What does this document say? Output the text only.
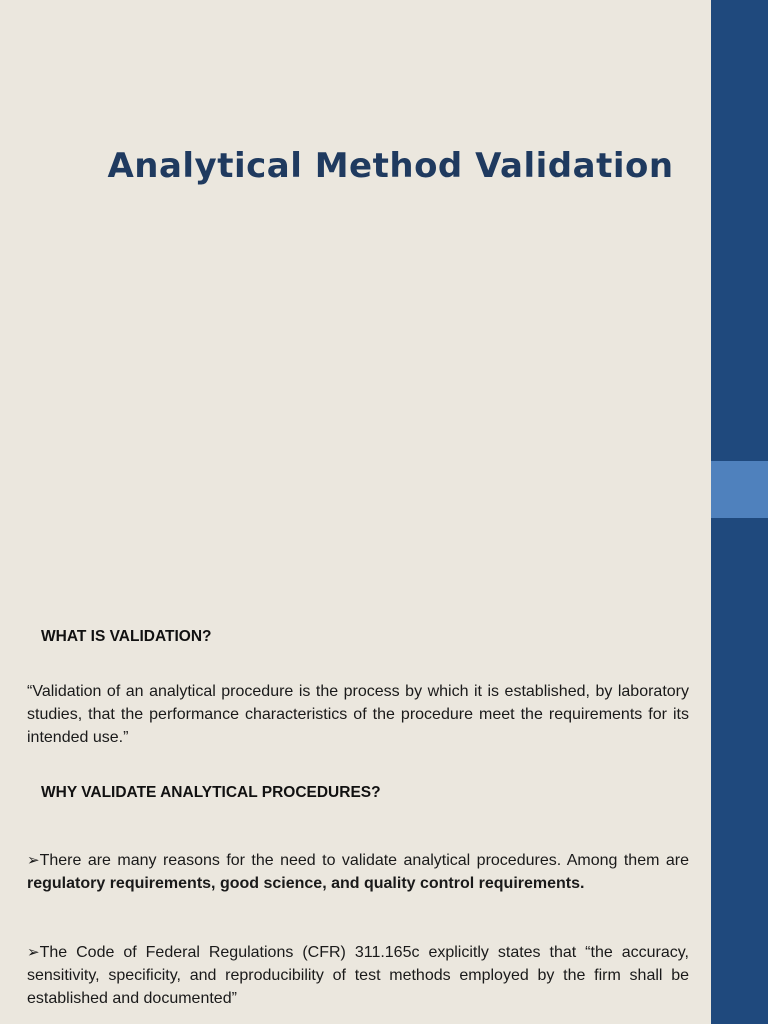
Analytical Method Validation
WHAT IS VALIDATION?
“Validation of an analytical procedure is the process by which it is established, by laboratory studies, that the performance characteristics of the procedure meet the requirements for its intended use.”
WHY VALIDATE ANALYTICAL PROCEDURES?
➢There are many reasons for the need to validate analytical procedures. Among them are regulatory requirements, good science, and quality control requirements.
➢The Code of Federal Regulations (CFR) 311.165c explicitly states that “the accuracy, sensitivity, specificity, and reproducibility of test methods employed by the firm shall be established and documented”
